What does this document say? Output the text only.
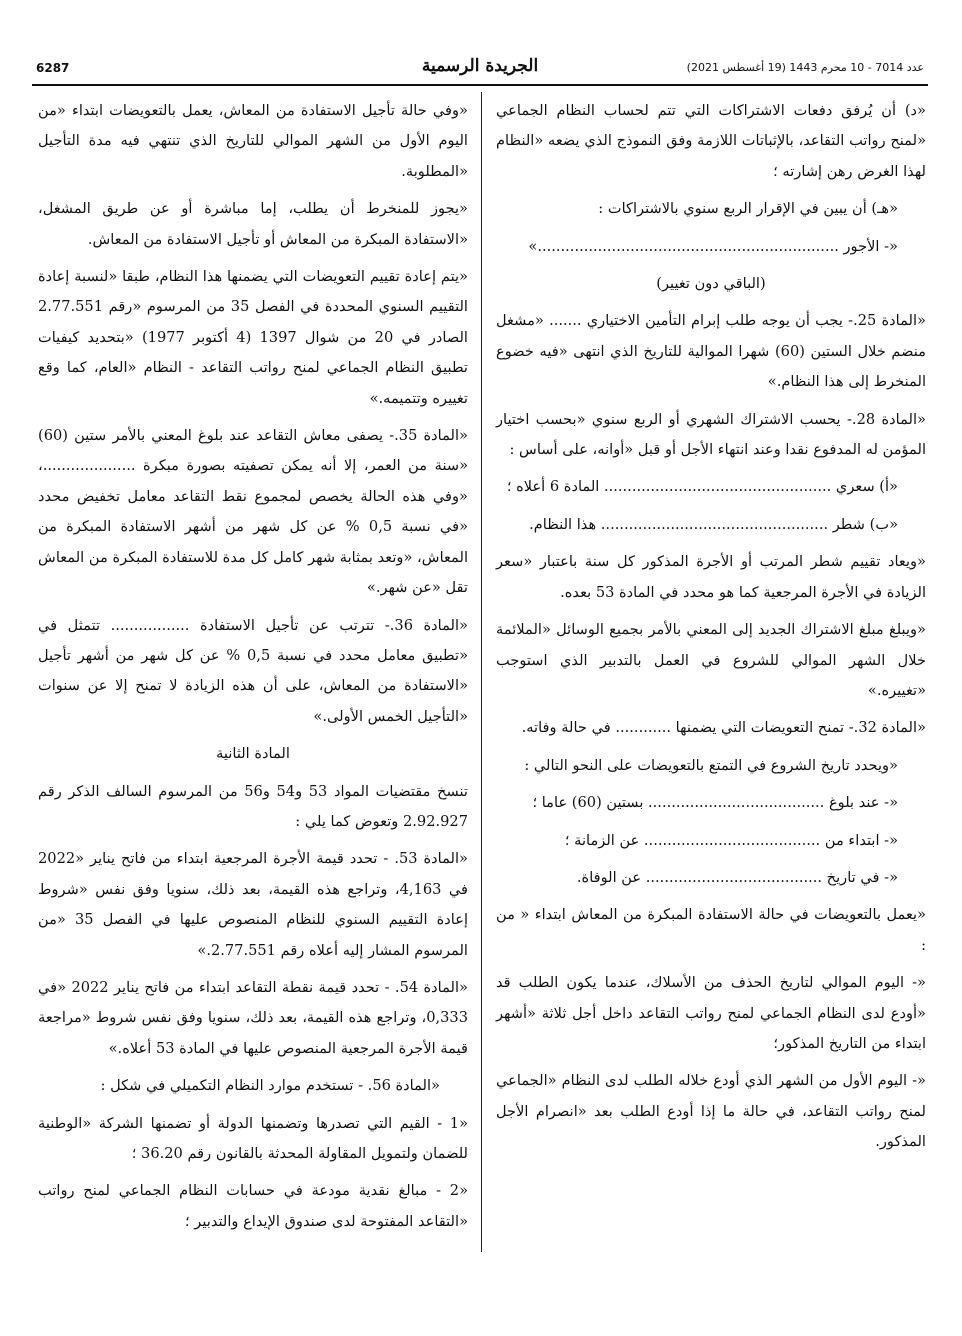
6287	الجريدة الرسمية	عدد 7014 - 10 محرم 1443 (19 أغسطس 2021)

«د) أن يُرفق دفعات الاشتراكات التي تتم لحساب النظام الجماعي «لمنح رواتب التقاعد، بالإثباتات اللازمة وفق النموذج الذي يضعه «النظام لهذا الغرض رهن إشارته ؛

«هـ) أن يبين في الإقرار الربع سنوي بالاشتراكات :

«- الأجور .................................................................»

(الباقي دون تغيير)

«المادة 25.- يجب أن يوجه طلب إبرام التأمين الاختياري ....... «مشغل منضم خلال الستين (60) شهرا الموالية للتاريخ الذي انتهى «فيه خضوع المنخرط إلى هذا النظام.»

«المادة 28.- يحسب الاشتراك الشهري أو الربع سنوي «بحسب اختيار المؤمن له المدفوع نقدا وعند انتهاء الأجل أو قبل «أوانه، على أساس :

«أ) سعري ................................................. المادة 6 أعلاه ؛

«ب) شطر ................................................. هذا النظام.

«ويعاد تقييم شطر المرتب أو الأجرة المذكور كل سنة باعتبار «سعر الزيادة في الأجرة المرجعية كما هو محدد في المادة 53 بعده.

«ويبلغ مبلغ الاشتراك الجديد إلى المعني بالأمر بجميع الوسائل «الملائمة خلال الشهر الموالي للشروع في العمل بالتدبير الذي استوجب «تغييره.»

«المادة 32.- تمنح التعويضات التي يضمنها ............ في حالة وفاته.

«ويحدد تاريخ الشروع في التمتع بالتعويضات على النحو التالي :

«- عند بلوغ ...................................... بستين (60) عاما ؛

«- ابتداء من ...................................... عن الزمانة ؛

«- في تاريخ ...................................... عن الوفاة.

«يعمل بالتعويضات في حالة الاستفادة المبكرة من المعاش ابتداء « من :

«- اليوم الموالي لتاريخ الحذف من الأسلاك، عندما يكون الطلب قد «أودع لدى النظام الجماعي لمنح رواتب التقاعد داخل أجل ثلاثة «أشهر ابتداء من التاريخ المذكور؛

«- اليوم الأول من الشهر الذي أودع خلاله الطلب لدى النظام «الجماعي لمنح رواتب التقاعد، في حالة ما إذا أودع الطلب بعد «انصرام الأجل المذكور.

«وفي حالة تأجيل الاستفادة من المعاش، يعمل بالتعويضات ابتداء «من اليوم الأول من الشهر الموالي للتاريخ الذي تنتهي فيه مدة التأجيل «المطلوبة.

«يجوز للمنخرط أن يطلب، إما مباشرة أو عن طريق المشغل، «الاستفادة المبكرة من المعاش أو تأجيل الاستفادة من المعاش.

«يتم إعادة تقييم التعويضات التي يضمنها هذا النظام، طبقا «لنسبة إعادة التقييم السنوي المحددة في الفصل 35 من المرسوم «رقم 2.77.551 الصادر في 20 من شوال 1397 (4 أكتوبر 1977) «بتحديد كيفيات تطبيق النظام الجماعي لمنح رواتب التقاعد - النظام «العام، كما وقع تغييره وتتميمه.»

«المادة 35.- يصفى معاش التقاعد عند بلوغ المعني بالأمر ستين (60) «سنة من العمر، إلا أنه يمكن تصفيته بصورة مبكرة ....................، «وفي هذه الحالة يخصص لمجموع نقط التقاعد معامل تخفيض محدد «في نسبة 0,5 % عن كل شهر من أشهر الاستفادة المبكرة من المعاش، «وتعد بمثابة شهر كامل كل مدة للاستفادة المبكرة من المعاش تقل «عن شهر.»

«المادة 36.- تترتب عن تأجيل الاستفادة ................. تتمثل في «تطبيق معامل محدد في نسبة 0,5 % عن كل شهر من أشهر تأجيل «الاستفادة من المعاش، على أن هذه الزيادة لا تمنح إلا عن سنوات «التأجيل الخمس الأولى.»

المادة الثانية

تنسخ مقتضيات المواد 53 و54 و56 من المرسوم السالف الذكر رقم 2.92.927 وتعوض كما يلي :

«المادة 53. - تحدد قيمة الأجرة المرجعية ابتداء من فاتح يناير «2022 في 4,163، وتراجع هذه القيمة، بعد ذلك، سنويا وفق نفس «شروط إعادة التقييم السنوي للنظام المنصوص عليها في الفصل 35 «من المرسوم المشار إليه أعلاه رقم 2.77.551.»

«المادة 54. - تحدد قيمة نقطة التقاعد ابتداء من فاتح يناير 2022 «في 0,333، وتراجع هذه القيمة، بعد ذلك، سنويا وفق نفس شروط «مراجعة قيمة الأجرة المرجعية المنصوص عليها في المادة 53 أعلاه.»

«المادة 56. - تستخدم موارد النظام التكميلي في شكل :

«1 - القيم التي تصدرها وتضمنها الدولة أو تضمنها الشركة «الوطنية للضمان ولتمويل المقاولة المحدثة بالقانون رقم 36.20 ؛

«2 - مبالغ نقدية مودعة في حسابات النظام الجماعي لمنح رواتب «التقاعد المفتوحة لدى صندوق الإيداع والتدبير ؛
